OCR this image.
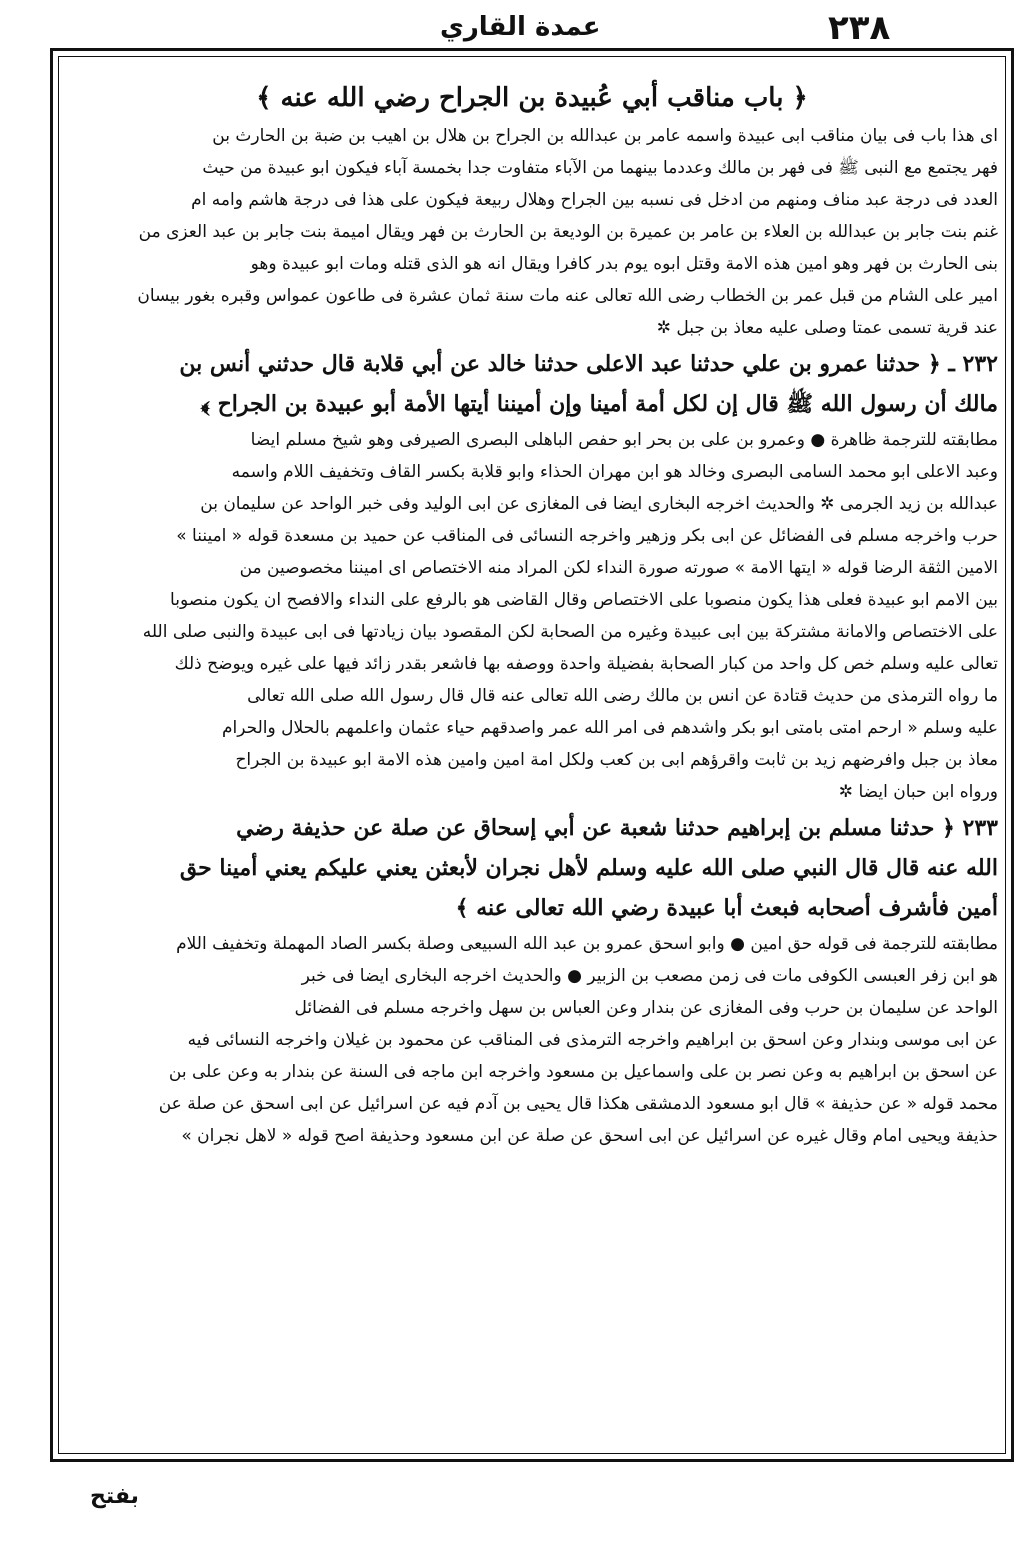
٢٣٨
عمدة القاري
﴿ باب مناقب أبي عُبيدة بن الجراح رضي الله عنه ﴾
اى هذا باب فى بيان مناقب ابى عبيدة واسمه عامر بن عبدالله بن الجراح بن هلال بن اهيب بن ضبة بن الحارث بن
فهر يجتمع مع النبى ﷺ فى فهر بن مالك وعددما بينهما من الآباء متفاوت جدا بخمسة آباء فيكون ابو عبيدة من حيث
العدد فى درجة عبد مناف ومنهم من ادخل فى نسبه بين الجراح وهلال ربيعة فيكون على هذا فى درجة هاشم وامه ام
غنم بنت جابر بن عبدالله بن العلاء بن عامر بن عميرة بن الوديعة بن الحارث بن فهر ويقال اميمة بنت جابر بن عبد العزى من
بنى الحارث بن فهر وهو امين هذه الامة وقتل ابوه يوم بدر كافرا ويقال انه هو الذى قتله ومات ابو عبيدة وهو
امير على الشام من قبل عمر بن الخطاب رضى الله تعالى عنه مات سنة ثمان عشرة فى طاعون عمواس وقبره بغور بيسان
عند قرية تسمى عمتا وصلى عليه معاذ بن جبل ✲
٢٣٢ ـ ﴿ حدثنا عمرو بن علي حدثنا عبد الاعلى حدثنا خالد عن أبي قلابة قال حدثني أنس بن
مالك أن رسول الله ﷺ قال إن لكل أمة أمينا وإن أميننا أيتها الأمة أبو عبيدة بن الجراح ﴾
مطابقته للترجمة ظاهرة ● وعمرو بن على بن بحر ابو حفص الباهلى البصرى الصيرفى وهو شيخ مسلم ايضا
وعبد الاعلى ابو محمد السامى البصرى وخالد هو ابن مهران الحذاء وابو قلابة بكسر القاف وتخفيف اللام واسمه
عبدالله بن زيد الجرمى ✲ والحديث اخرجه البخارى ايضا فى المغازى عن ابى الوليد وفى خبر الواحد عن سليمان بن
حرب واخرجه مسلم فى الفضائل عن ابى بكر وزهير واخرجه النسائى فى المناقب عن حميد بن مسعدة قوله « اميننا »
الامين الثقة الرضا قوله « ايتها الامة » صورته صورة النداء لكن المراد منه الاختصاص اى اميننا مخصوصين من
بين الامم ابو عبيدة فعلى هذا يكون منصوبا على الاختصاص وقال القاضى هو بالرفع على النداء والافصح ان يكون منصوبا
على الاختصاص والامانة مشتركة بين ابى عبيدة وغيره من الصحابة لكن المقصود بيان زيادتها فى ابى عبيدة والنبى صلى الله
تعالى عليه وسلم خص كل واحد من كبار الصحابة بفضيلة واحدة ووصفه بها فاشعر بقدر زائد فيها على غيره ويوضح ذلك
ما رواه الترمذى من حديث قتادة عن انس بن مالك رضى الله تعالى عنه قال قال رسول الله صلى الله تعالى
عليه وسلم « ارحم امتى بامتى ابو بكر واشدهم فى امر الله عمر واصدقهم حياء عثمان واعلمهم بالحلال والحرام
معاذ بن جبل وافرضهم زيد بن ثابت واقرؤهم ابى بن كعب ولكل امة امين وامين هذه الامة ابو عبيدة بن الجراح
ورواه ابن حبان ايضا ✲
٢٣٣ ﴿ حدثنا مسلم بن إبراهيم حدثنا شعبة عن أبي إسحاق عن صلة عن حذيفة رضي
الله عنه قال قال النبي صلى الله عليه وسلم لأهل نجران لأبعثن يعني عليكم يعني أمينا حق
أمين فأشرف أصحابه فبعث أبا عبيدة رضي الله تعالى عنه ﴾
مطابقته للترجمة فى قوله حق امين ● وابو اسحق عمرو بن عبد الله السبيعى وصلة بكسر الصاد المهملة وتخفيف اللام
هو ابن زفر العبسى الكوفى مات فى زمن مصعب بن الزبير ● والحديث اخرجه البخارى ايضا فى خبر
الواحد عن سليمان بن حرب وفى المغازى عن بندار وعن العباس بن سهل واخرجه مسلم فى الفضائل
عن ابى موسى وبندار وعن اسحق بن ابراهيم واخرجه الترمذى فى المناقب عن محمود بن غيلان واخرجه النسائى فيه
عن اسحق بن ابراهيم به وعن نصر بن على واسماعيل بن مسعود واخرجه ابن ماجه فى السنة عن بندار به وعن على بن
محمد قوله « عن حذيفة » قال ابو مسعود الدمشقى هكذا قال يحيى بن آدم فيه عن اسرائيل عن ابى اسحق عن صلة عن
حذيفة ويحيى امام وقال غيره عن اسرائيل عن ابى اسحق عن صلة عن ابن مسعود وحذيفة اصح قوله « لاهل نجران »
بفتح
